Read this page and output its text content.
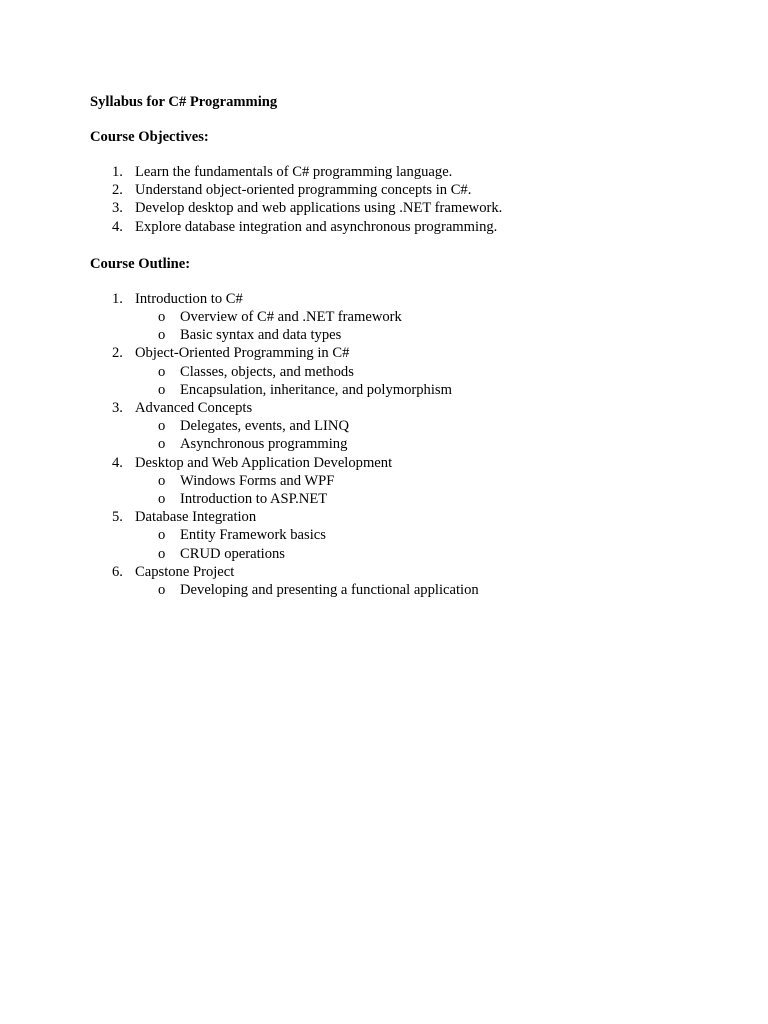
Syllabus for C# Programming

Course Objectives:

1. Learn the fundamentals of C# programming language.
2. Understand object-oriented programming concepts in C#.
3. Develop desktop and web applications using .NET framework.
4. Explore database integration and asynchronous programming.

Course Outline:

1. Introduction to C#
o Overview of C# and .NET framework
o Basic syntax and data types
2. Object-Oriented Programming in C#
o Classes, objects, and methods
o Encapsulation, inheritance, and polymorphism
3. Advanced Concepts
o Delegates, events, and LINQ
o Asynchronous programming
4. Desktop and Web Application Development
o Windows Forms and WPF
o Introduction to ASP.NET
5. Database Integration
o Entity Framework basics
o CRUD operations
6. Capstone Project
o Developing and presenting a functional application
